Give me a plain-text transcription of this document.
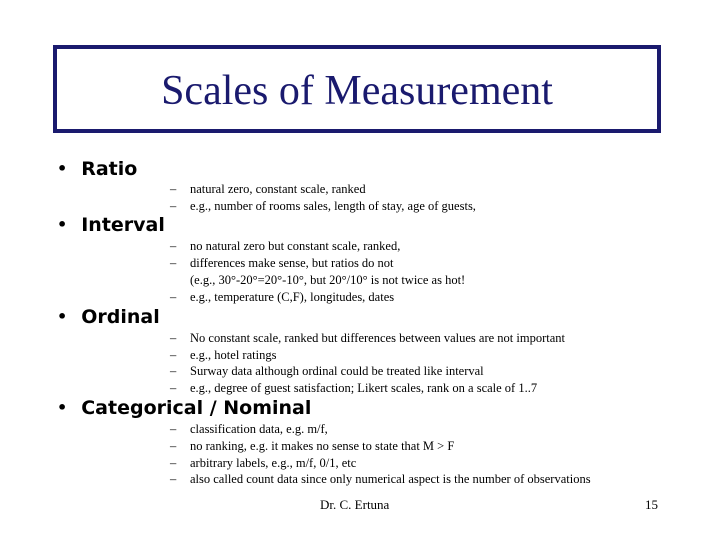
Scales of Measurement
• Ratio
–	natural zero, constant scale, ranked
–	e.g., number of rooms sales, length of stay, age of guests,
• Interval
–	no natural zero but constant scale, ranked,
–	differences make sense, but ratios do not
(e.g., 30°-20°=20°-10°, but 20°/10° is not twice as hot!
–	e.g., temperature (C,F), longitudes, dates
• Ordinal
–	No constant scale, ranked but differences between values are not important
–	e.g., hotel ratings
–	Surway data although ordinal could be treated like interval
–	e.g., degree of guest satisfaction; Likert scales, rank on a scale of 1..7
• Categorical / Nominal
–	classification data, e.g. m/f,
–	no ranking, e.g. it makes no sense to state that M > F
–	arbitrary labels, e.g., m/f, 0/1, etc
–	also called count data since only numerical aspect is the number of observations
Dr. C. Ertuna	15
